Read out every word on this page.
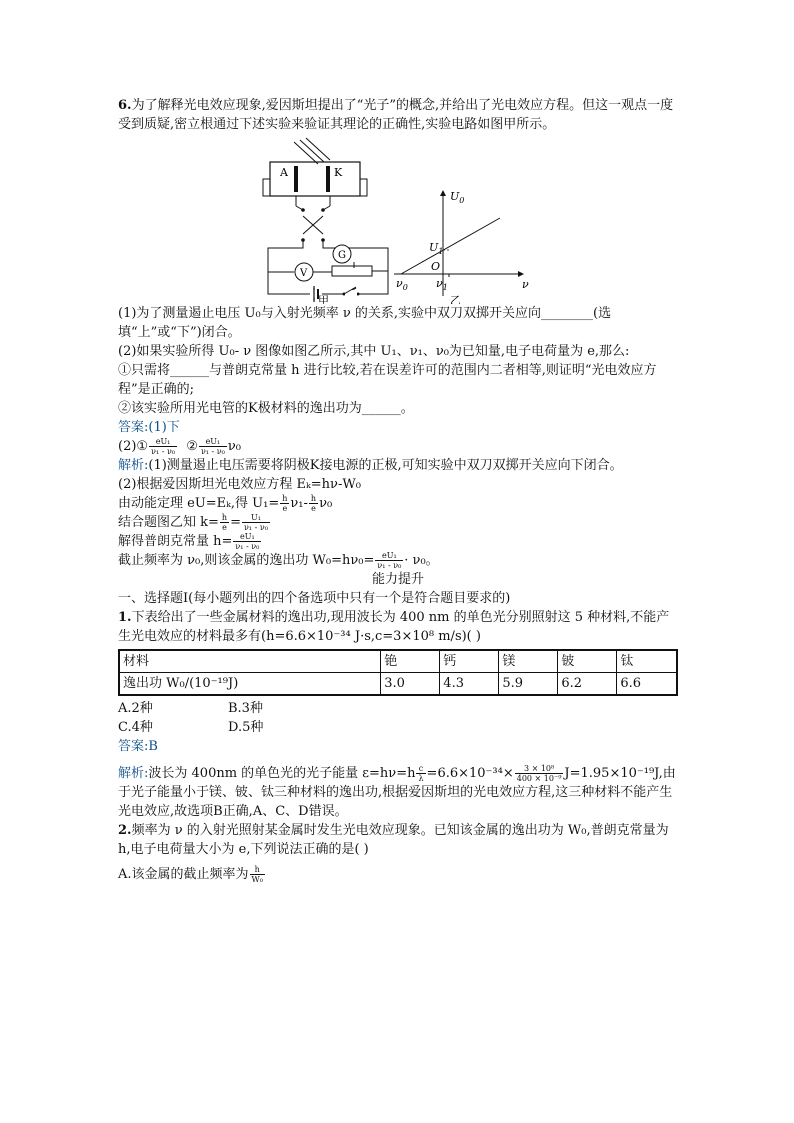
6.为了解释光电效应现象,爱因斯坦提出了“光子”的概念,并给出了光电效应方程。但这一观点一度受到质疑,密立根通过下述实验来验证其理论的正确性,实验电路如图甲所示。

A	K
V
G
$U_0$
ν
$U_1$
O
$\nu_0$	$\nu_1$
甲	乙

(1)为了测量遏止电压 U₀与入射光频率 ν 的关系,实验中双刀双掷开关应向________(选填“上”或“下”)闭合。

(2)如果实验所得 U₀- ν 图像如图乙所示,其中 U₁、ν₁、ν₀为已知量,电子电荷量为 e,那么:

①只需将______与普朗克常量 h 进行比较,若在误差许可的范围内二者相等,则证明“光电效应方程”是正确的;

②该实验所用光电管的K极材料的逸出功为______。

答案:(1)下

(2)① $\frac{\text{eU₁}}{\text{ν₁ - ν₀}}$ ② $\frac{\text{eU₁}}{\text{ν₁ - ν₀}} \nu_0$

解析:(1)测量遏止电压需要将阴极K接电源的正极,可知实验中双刀双掷开关应向下闭合。

(2)根据爱因斯坦光电效应方程 Eₖ=hν-W₀

由动能定理 eU=Eₖ,得 $U_1= \frac{h}{e} \nu_1- \frac{h}{e} \nu_0$

结合题图乙知 $k= \frac{h}{e} = \frac{\text{U₁}}{\text{ν₁ - ν₀}}$

解得普朗克常量 $h= \frac{\text{eU₁}}{\text{ν₁ - ν₀}}$

截止频率为 ν₀,则该金属的逸出功 $W_0=h\nu_0= \frac{\text{eU₁}}{\text{ν₁ - ν₀}} \cdot \nu_0$。

能力提升

一、选择题Ⅰ(每小题列出的四个备选项中只有一个是符合题目要求的)

1.下表给出了一些金属材料的逸出功,现用波长为 400 nm 的单色光分别照射这 5 种材料,不能产生光电效应的材料最多有(h=6.6×10⁻³⁴ J·s,c=3×10⁸ m/s)( )

材料	铯	钙	镁	铍	钛
逸出功 W₀/(10⁻¹⁹J)	3.0	4.3	5.9	6.2	6.6

A.2种	B.3种

C.4种	D.5种

答案:B

解析:波长为 400nm 的单色光的光子能量 $\varepsilon=h\nu=h \frac{c}{\lambda} =6.6\times 10^{-34}\times \frac{\text{3 × 10⁸}}{\text{400 × 10⁻⁹}} J=1.95\times 10^{-19}J$,由于光子能量小于镁、铍、钛三种材料的逸出功,根据爱因斯坦的光电效应方程,这三种材料不能产生光电效应,故选项B正确,A、C、D错误。

2.频率为 ν 的入射光照射某金属时发生光电效应现象。已知该金属的逸出功为 W₀,普朗克常量为 h,电子电荷量大小为 e,下列说法正确的是( )

A.该金属的截止频率为 $\frac{h}{\text{W₀}}$
